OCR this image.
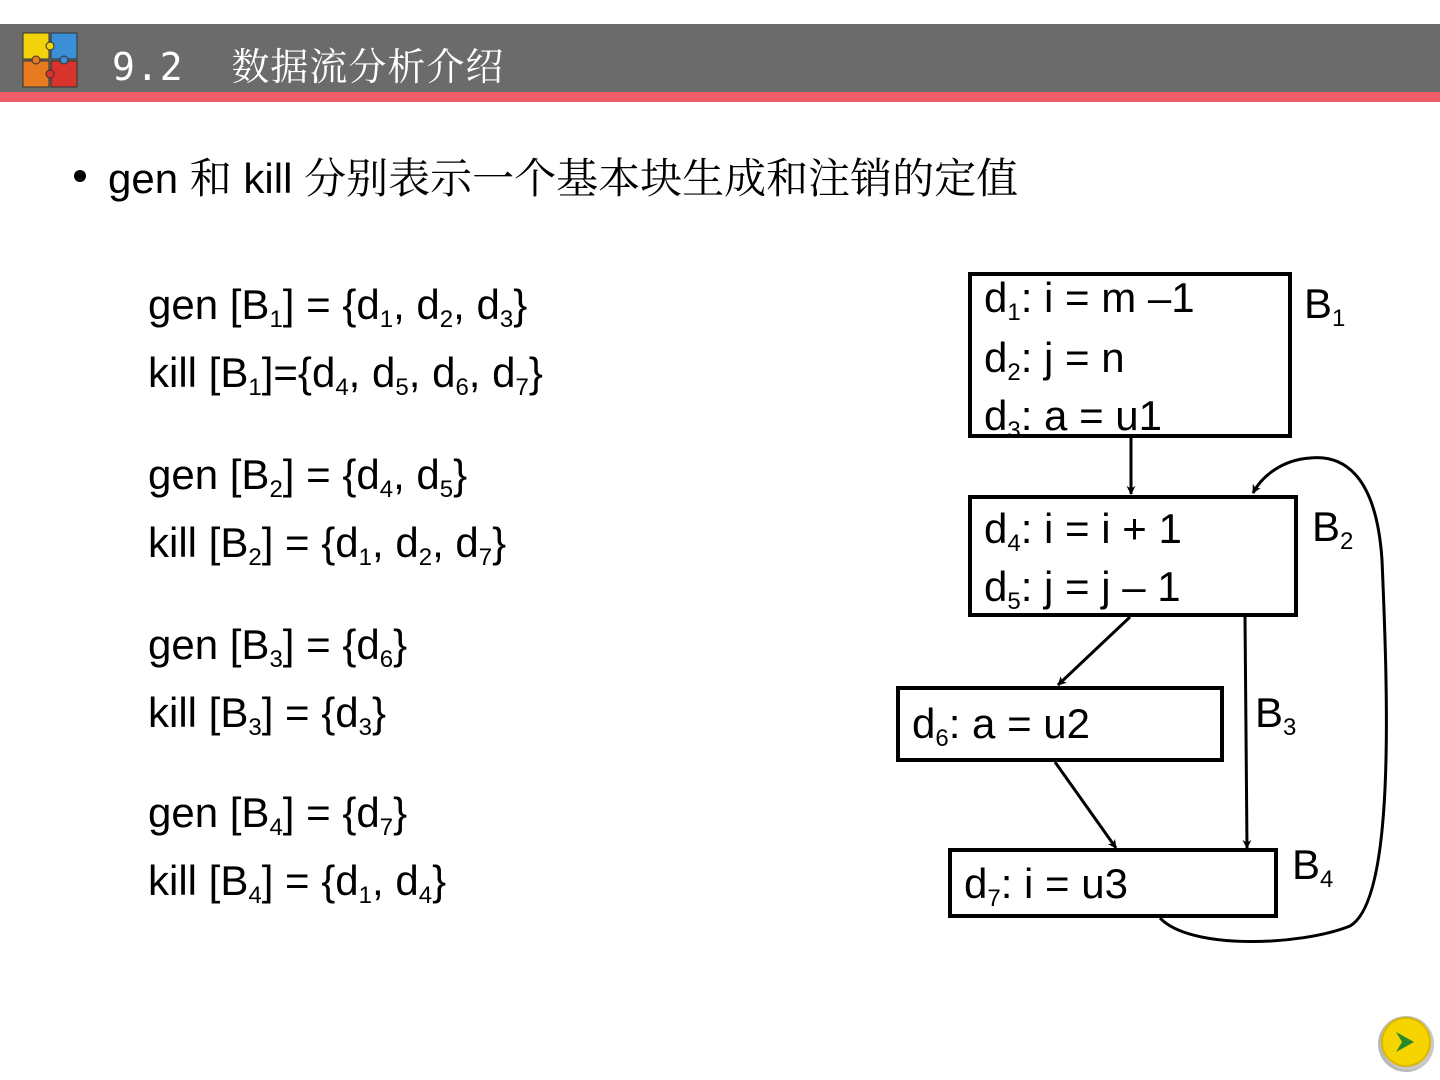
9.2 数据流分析介绍
gen 和 kill 分别表示一个基本块生成和注销的定值
gen $[B_1] = \{d_1$, $d_2$, $d_3$}
kill $[B_1]=\{d_4$, $d_5$, $d_6$, $d_7$}
gen $[B_2] = \{d_4$, $d_5$}
kill $[B_2] = \{d_1$, $d_2$, $d_7$}
gen $[B_3] = \{d_6\}$
kill $[B_3] = \{d_3\}$
gen $[B_4] = \{d_7\}$
kill $[B_4] = \{d_1$, $d_4$}
$d_1$: i = m –1
$d_2$: j = n
$d_3$: a = u1
$B_1$
$d_4$: i = i + 1
$d_5$: j = j – 1
$B_2$
$d_6$: a = u2	$B_3$
$d_7$: i = u3	$B_4$
